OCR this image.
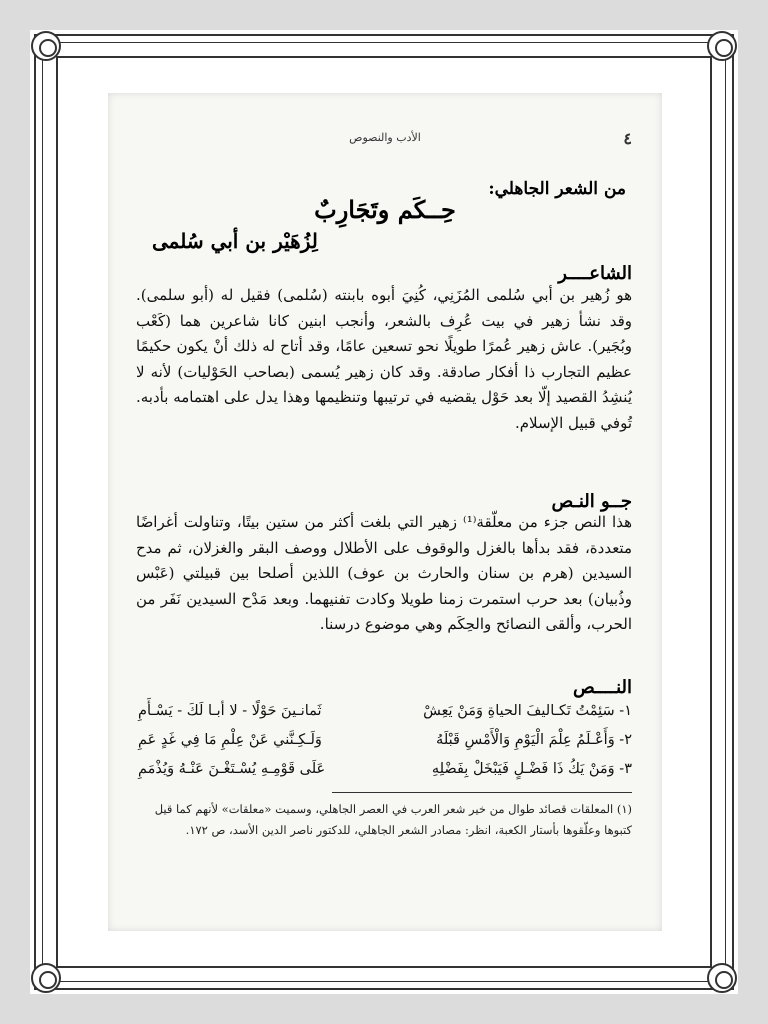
٤
الأدب والنصوص
من الشعر الجاهلي:
حِــكَم وتَجَارِبٌ
لِزُهَيْر بن أبي سُلمى
الشاعــــر
هو زُهير بن أبي سُلمى المُزَنِي، كُنِيَ أبوه بابنته (سُلمى) فقيل له (أبو سلمى). وقد نشأ زهير في بيت عُرِف بالشعر، وأنجب ابنين كانا شاعرين هما (كَعْب وبُجَير). عاش زهير عُمرًا طويلًا نحو تسعين عامًا، وقد أتاح له ذلك أنْ يكون حكيمًا عظيم التجارب ذا أفكار صادقة. وقد كان زهير يُسمى (بصاحب الحَوْليات) لأنه لا يُنشِدُ القصيد إلّا بعد حَوْل يقضيه في ترتيبها وتنظيمها وهذا يدل على اهتمامه بأدبه. تُوفي قبيل الإسلام.
جــو النـص
هذا النص جزء من معلّقة⁽¹⁾ زهير التي بلغت أكثر من ستين بيتًا، وتناولت أغراضًا متعددة، فقد بدأها بالغزل والوقوف على الأطلال ووصف البقر والغزلان، ثم مدح السيدين (هرم بن سنان والحارث بن عوف) اللذين أصلحا بين قبيلتي (عَبْس وذُبيان) بعد حرب استمرت زمنا طويلا وكادت تفنيهما. وبعد مَدْح السيدين نَفَر من الحرب، وألقى النصائح والحِكَم وهي موضوع درسنا.
النــــص
١- سَئِمْتُ تَكـاليفَ الحياةِ وَمَنْ يَعِشْ
ثَمانـينَ حَوْلًا - لا أبـا لَكَ - يَسْـأَمِ
٢- وَأَعْـلَمُ عِلْمَ الْيَوْمِ وَالْأَمْسِ قَبْلَهُ
وَلَـكِـنَّني عَنْ عِلْمِ مَا فِي غَدٍ عَمِ
٣- وَمَنْ يَكُ ذَا فَضْـلٍ فَيَبْخَلْ بِفَضْلِهِ
عَلَى قَوْمِـهِ يُسْـتَغْـنَ عَنْـهُ وَيُذْمَمِ
(١) المعلقات قصائد طوال من خير شعر العرب في العصر الجاهلي، وسميت «معلقات» لأنهم كما قيل كتبوها وعلّقوها بأستار الكعبة، انظر: مصادر الشعر الجاهلي، للدكتور ناصر الدين الأسد، ص ١٧٢.
